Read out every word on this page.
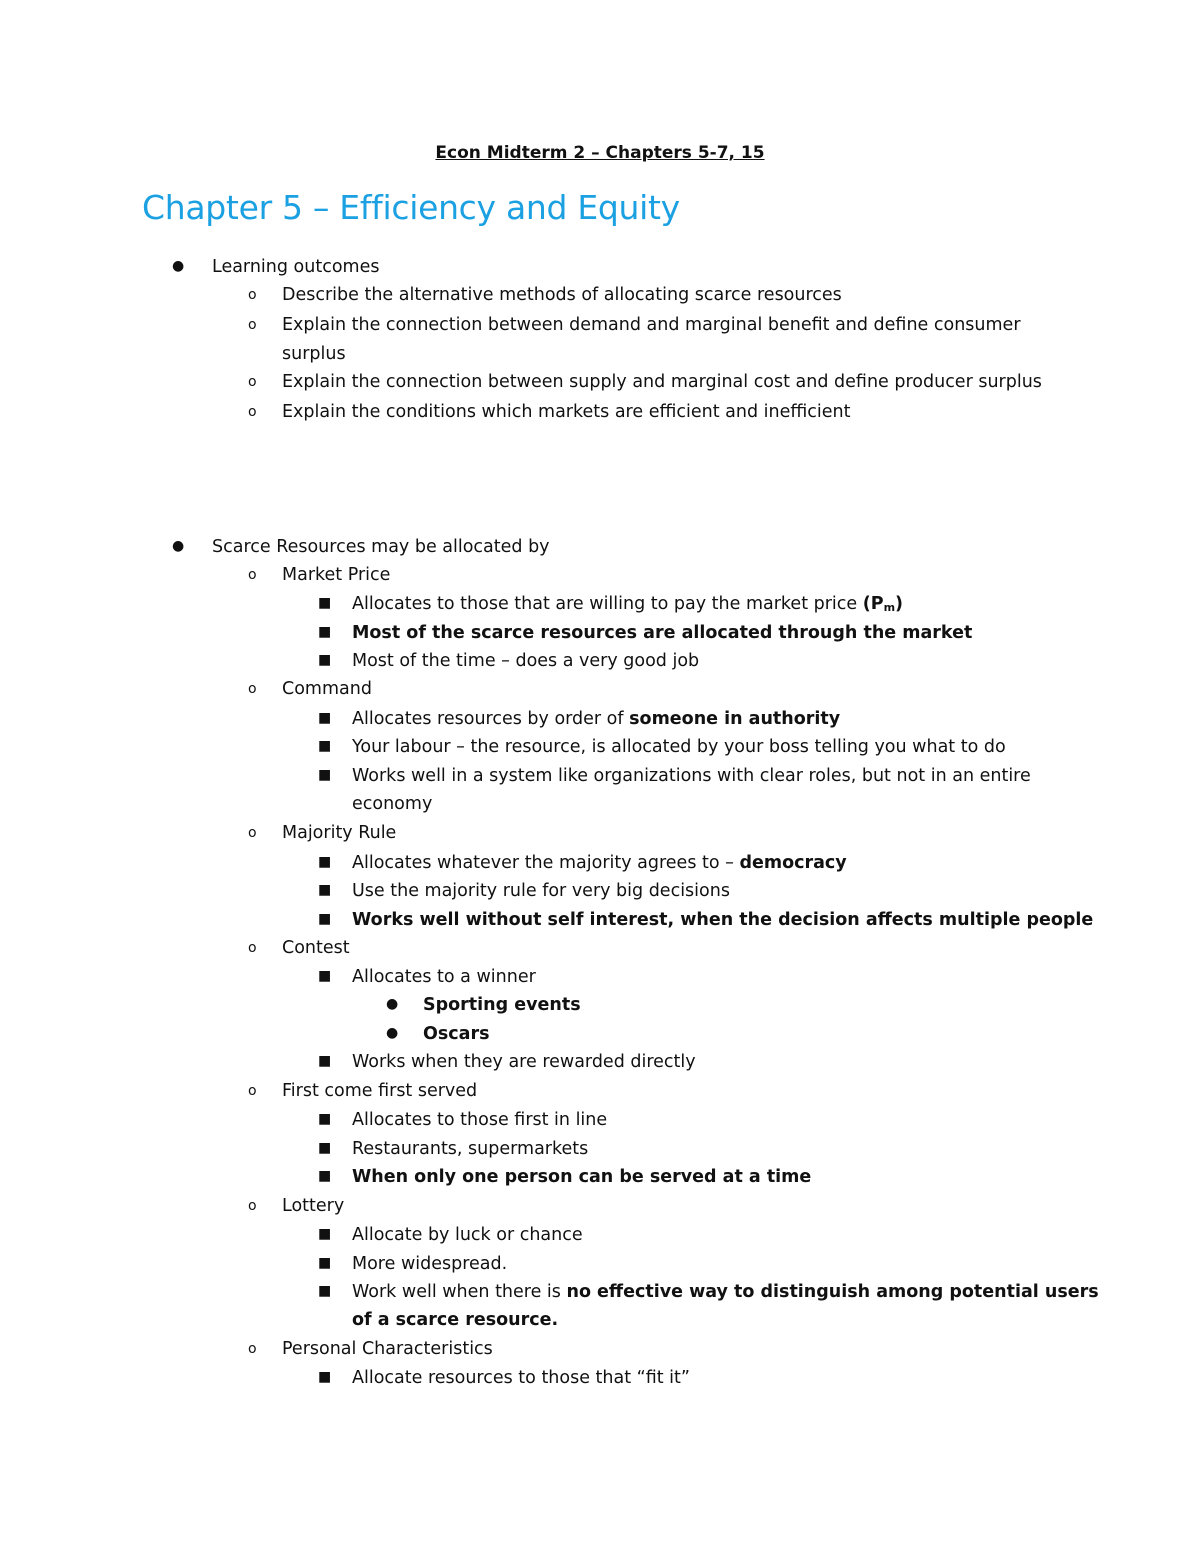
Econ Midterm 2 – Chapters 5-7, 15
Chapter 5 – Efficiency and Equity
● Learning outcomes
o Describe the alternative methods of allocating scarce resources
o Explain the connection between demand and marginal benefit and define consumer
surplus
o Explain the connection between supply and marginal cost and define producer surplus
o Explain the conditions which markets are efficient and inefficient
● Scarce Resources may be allocated by
o Market Price
■ Allocates to those that are willing to pay the market price $(P_m)$
■ Most of the scarce resources are allocated through the market
■ Most of the time – does a very good job
o Command
■ Allocates resources by order of someone in authority
■ Your labour – the resource, is allocated by your boss telling you what to do
■ Works well in a system like organizations with clear roles, but not in an entire
economy
o Majority Rule
■ Allocates whatever the majority agrees to – democracy
■ Use the majority rule for very big decisions
■ Works well without self interest, when the decision affects multiple people
o Contest
■ Allocates to a winner
● Sporting events
● Oscars
■ Works when they are rewarded directly
o First come first served
■ Allocates to those first in line
■ Restaurants, supermarkets
■ When only one person can be served at a time
o Lottery
■ Allocate by luck or chance
■ More widespread.
■ Work well when there is no effective way to distinguish among potential users
of a scarce resource.
o Personal Characteristics
■ Allocate resources to those that “fit it”
